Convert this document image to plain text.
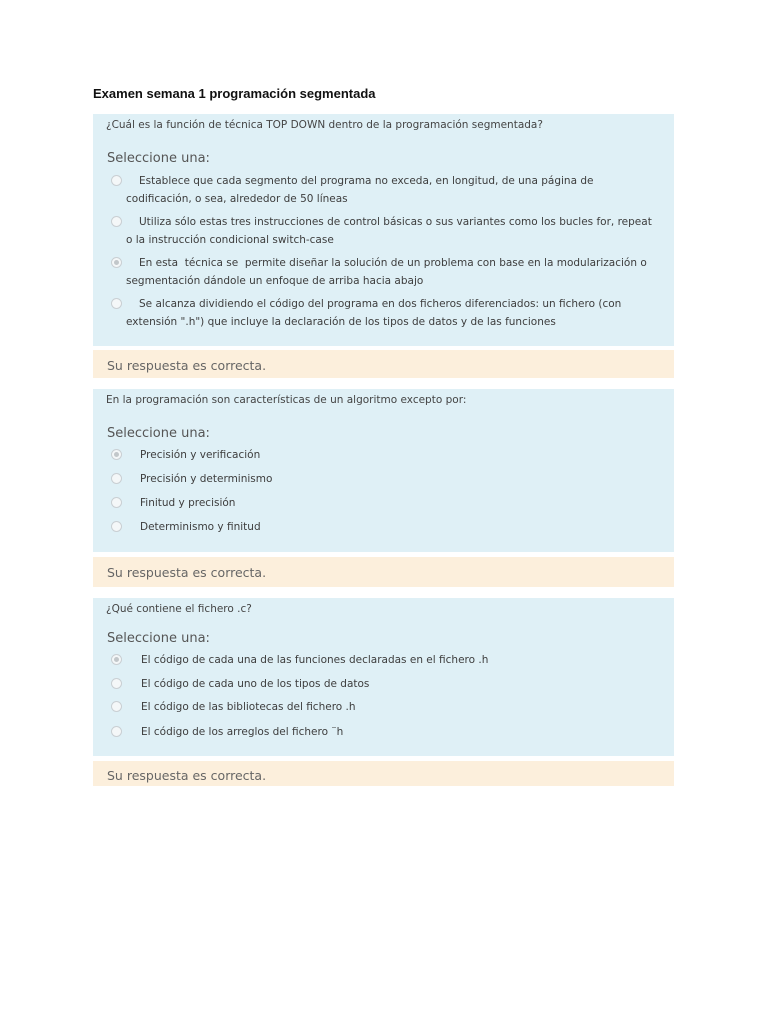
Examen semana 1 programación segmentada
¿Cuál es la función de técnica TOP DOWN dentro de la programación segmentada?
Seleccione una:
Establece que cada segmento del programa no exceda, en longitud, de una página de codificación, o sea, alrededor de 50 líneas
Utiliza sólo estas tres instrucciones de control básicas o sus variantes como los bucles for, repeat o la instrucción condicional switch-case
En esta  técnica se  permite diseñar la solución de un problema con base en la modularización o segmentación dándole un enfoque de arriba hacia abajo
Se alcanza dividiendo el código del programa en dos ficheros diferenciados: un fichero (con extensión ".h") que incluye la declaración de los tipos de datos y de las funciones
Su respuesta es correcta.
En la programación son características de un algoritmo excepto por:
Seleccione una:
Precisión y verificación
Precisión y determinismo
Finitud y precisión
Determinismo y finitud
Su respuesta es correcta.
¿Qué contiene el fichero .c?
Seleccione una:
El código de cada una de las funciones declaradas en el fichero .h
El código de cada uno de los tipos de datos
El código de las bibliotecas del fichero .h
El código de los arreglos del fichero ¨h
Su respuesta es correcta.
